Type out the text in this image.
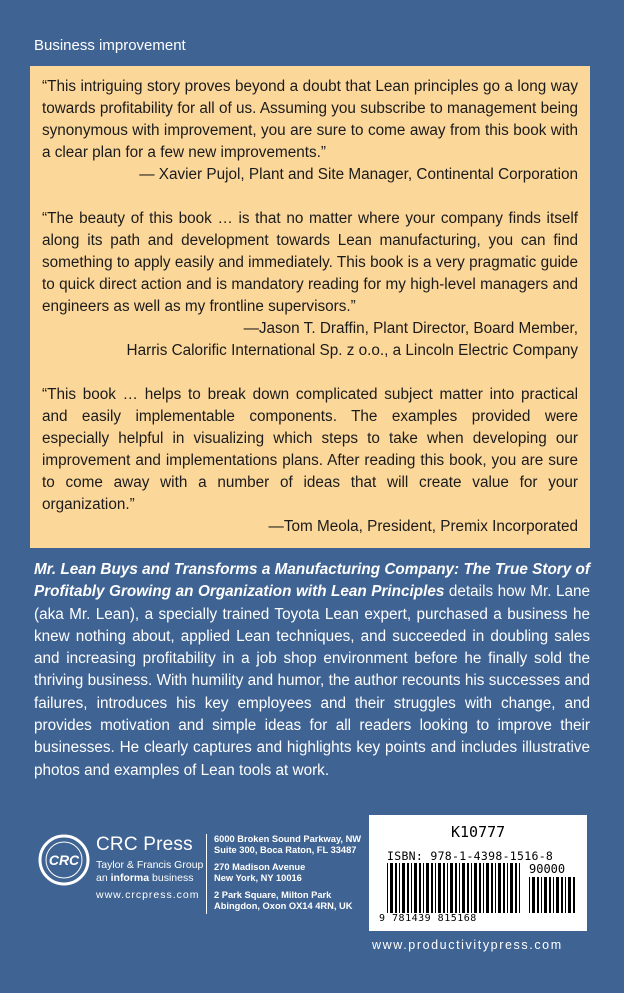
Business improvement

“This intriguing story proves beyond a doubt that Lean principles go a long way towards profitability for all of us. Assuming you subscribe to management being synonymous with improvement, you are sure to come away from this book with a clear plan for a few new improvements.”

— Xavier Pujol, Plant and Site Manager, Continental Corporation

“The beauty of this book … is that no matter where your company finds itself along its path and development towards Lean manufacturing, you can find something to apply easily and immediately. This book is a very pragmatic guide to quick direct action and is mandatory reading for my high-level managers and engineers as well as my frontline supervisors.”

—Jason T. Draffin, Plant Director, Board Member,

Harris Calorific International Sp. z o.o., a Lincoln Electric Company

“This book … helps to break down complicated subject matter into practical and easily implementable components. The examples provided were especially helpful in visualizing which steps to take when developing our improvement and implementations plans. After reading this book, you are sure to come away with a number of ideas that will create value for your organization.”

—Tom Meola, President, Premix Incorporated

Mr. Lean Buys and Transforms a Manufacturing Company: The True Story of Profitably Growing an Organization with Lean Principles details how Mr. Lane (aka Mr. Lean), a specially trained Toyota Lean expert, purchased a business he knew nothing about, applied Lean techniques, and succeeded in doubling sales and increasing profitability in a job shop environment before he finally sold the thriving business. With humility and humor, the author recounts his successes and failures, introduces his key employees and their struggles with change, and provides motivation and simple ideas for all readers looking to improve their businesses. He clearly captures and highlights key points and includes illustrative photos and examples of Lean tools at work.

CRC
CRC Press
Taylor & Francis Group
an informa business
www.crcpress.com
6000 Broken Sound Parkway, NW
Suite 300, Boca Raton, FL 33487
270 Madison Avenue
New York, NY 10016
2 Park Square, Milton Park
Abingdon, Oxon OX14 4RN, UK
K10777
ISBN: 978-1-4398-1516-8
90000
9 781439 815168
www.productivitypress.com
